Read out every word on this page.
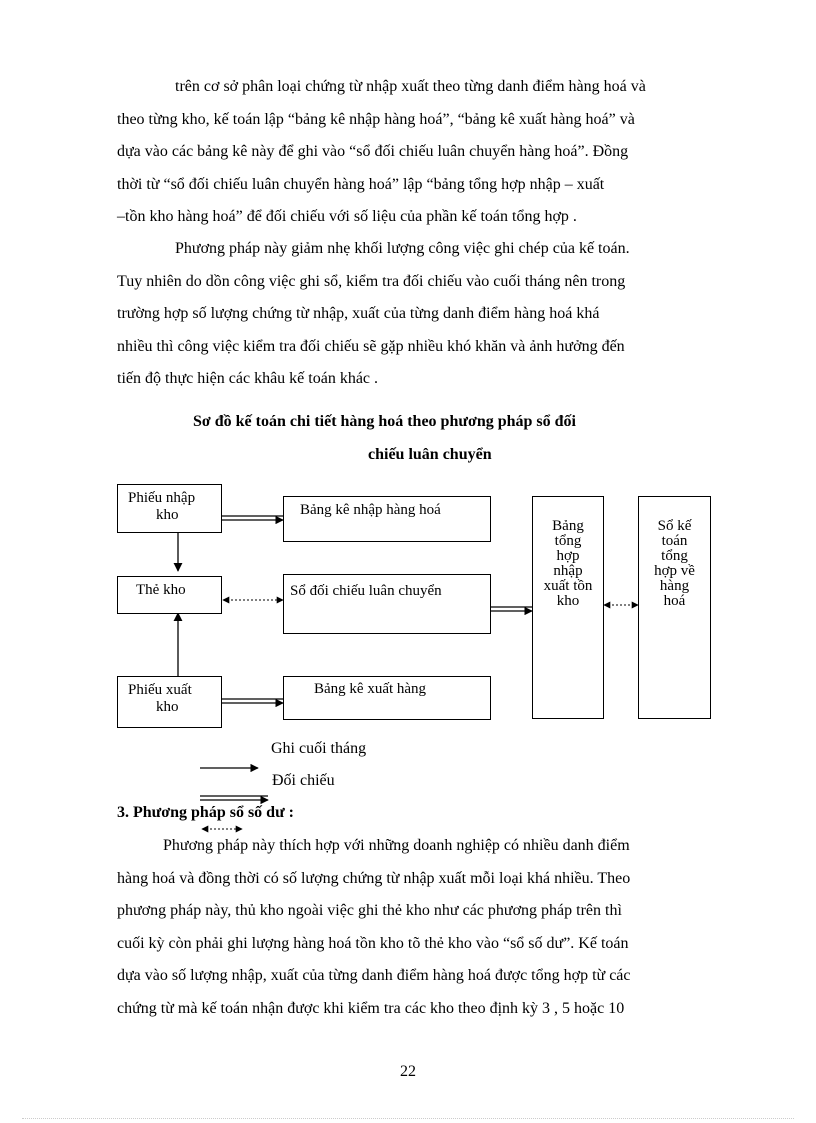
trên cơ sở phân loại chứng từ nhập xuất theo từng danh điểm hàng hoá và
theo từng kho, kế toán lập “bảng kê nhập hàng hoá”, “bảng kê xuất hàng hoá” và
dựa vào các bảng kê này để ghi vào “sổ đối chiếu luân chuyển hàng hoá”. Đồng
thời từ “sổ đối chiếu luân chuyển hàng hoá” lập “bảng tổng hợp nhập – xuất
–tồn kho hàng hoá” để đối chiếu với số liệu của phần kế toán tổng hợp .
Phương pháp này giảm nhẹ khối lượng công việc ghi chép của kế toán.
Tuy nhiên do dồn công việc ghi sổ, kiểm tra đối chiếu vào cuối tháng nên trong
trường hợp số lượng chứng từ nhập, xuất của từng danh điểm hàng hoá khá
nhiều thì công việc kiểm tra đối chiếu sẽ gặp nhiều khó khăn và ảnh hưởng đến
tiến độ thực hiện các khâu kế toán khác .
Sơ đồ kế toán chi tiết hàng hoá theo phương pháp sổ đối
chiếu luân chuyển
Phiếu nhập
kho
Thẻ kho
Phiếu xuất
kho
Bảng kê nhập hàng hoá
Sổ đối chiếu luân chuyển
Bảng kê xuất hàng
Bảng
tổng
hợp
nhập
xuất tồn
kho
Sổ kế
toán
tổng
hợp về
hàng
hoá
Ghi hàng ngày
Ghi cuối tháng
Đối chiếu
3. Phương pháp sổ số dư :
Phương pháp này thích hợp với những doanh nghiệp có nhiều danh điểm
hàng hoá và đồng thời có số lượng chứng từ nhập xuất mỗi loại khá nhiều. Theo
phương pháp này, thủ kho ngoài việc ghi thẻ kho như các phương pháp trên thì
cuối kỳ còn phải ghi lượng hàng hoá tồn kho tõ thẻ kho vào “sổ số dư”. Kế toán
dựa vào số lượng nhập, xuất của từng danh điểm hàng hoá được tổng hợp từ các
chứng từ mà kế toán nhận được khi kiểm tra các kho theo định kỳ 3 , 5 hoặc 10
22
